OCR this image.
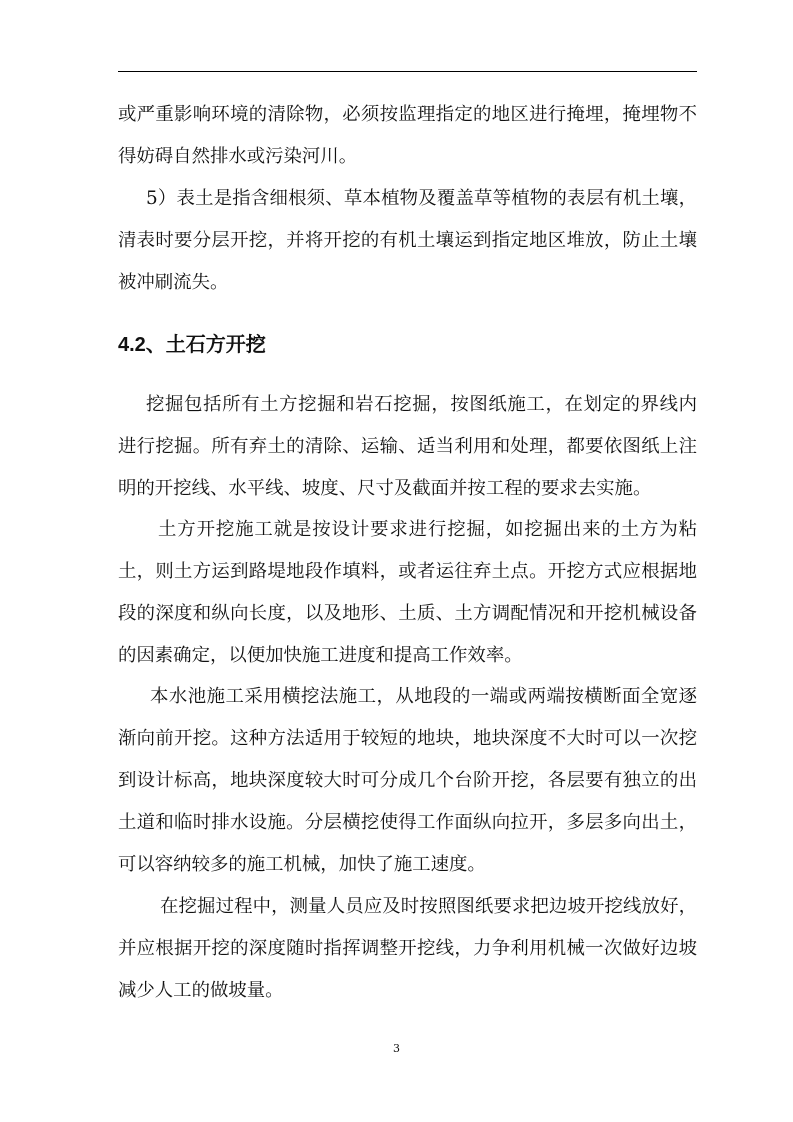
4.2、土石方开挖
或严重影响环境的清除物，必须按监理指定的地区进行掩埋，掩埋物不
得妨碍自然排水或污染河川。
5）表土是指含细根须、草本植物及覆盖草等植物的表层有机土壤，
清表时要分层开挖，并将开挖的有机土壤运到指定地区堆放，防止土壤
被冲刷流失。
挖掘包括所有土方挖掘和岩石挖掘，按图纸施工，在划定的界线内
进行挖掘。所有弃土的清除、运输、适当利用和处理，都要依图纸上注
明的开挖线、水平线、坡度、尺寸及截面并按工程的要求去实施。
土方开挖施工就是按设计要求进行挖掘，如挖掘出来的土方为粘
土，则土方运到路堤地段作填料，或者运往弃土点。开挖方式应根据地
段的深度和纵向长度，以及地形、土质、土方调配情况和开挖机械设备
的因素确定，以便加快施工进度和提高工作效率。
本水池施工采用横挖法施工，从地段的一端或两端按横断面全宽逐
渐向前开挖。这种方法适用于较短的地块，地块深度不大时可以一次挖
到设计标高，地块深度较大时可分成几个台阶开挖，各层要有独立的出
土道和临时排水设施。分层横挖使得工作面纵向拉开，多层多向出土，
可以容纳较多的施工机械，加快了施工速度。
在挖掘过程中，测量人员应及时按照图纸要求把边坡开挖线放好，
并应根据开挖的深度随时指挥调整开挖线，力争利用机械一次做好边坡
减少人工的做坡量。
3
